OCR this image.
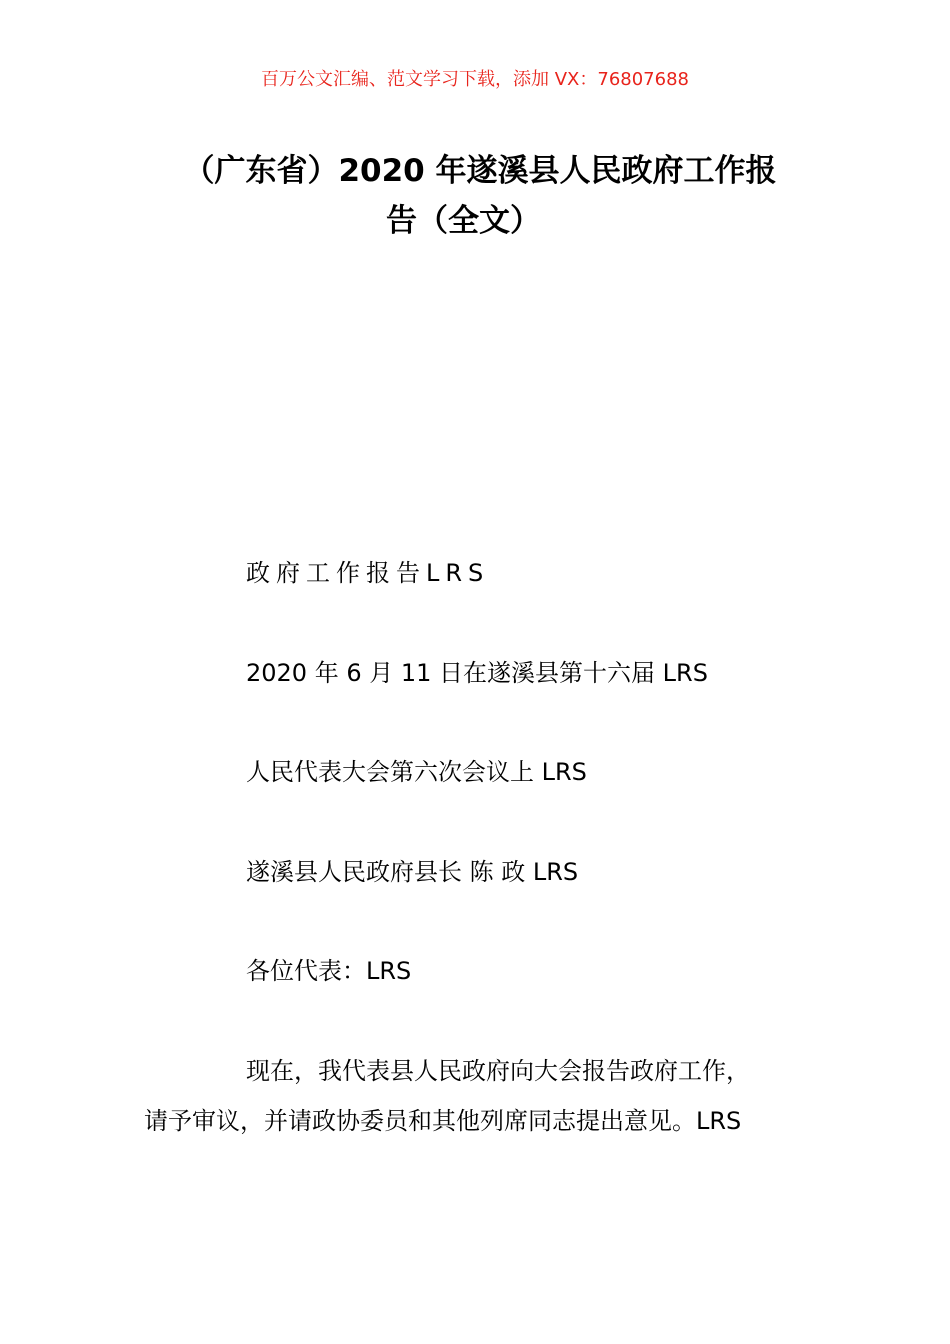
百万公文汇编、范文学习下载，添加 VX：76807688
（广东省）2020 年遂溪县人民政府工作报
告（全文）
政府工作报告LRS
2020 年 6 月 11 日在遂溪县第十六届 LRS
人民代表大会第六次会议上 LRS
遂溪县人民政府县长 陈 政 LRS
各位代表：LRS
现在，我代表县人民政府向大会报告政府工作，
请予审议，并请政协委员和其他列席同志提出意见。LRS
